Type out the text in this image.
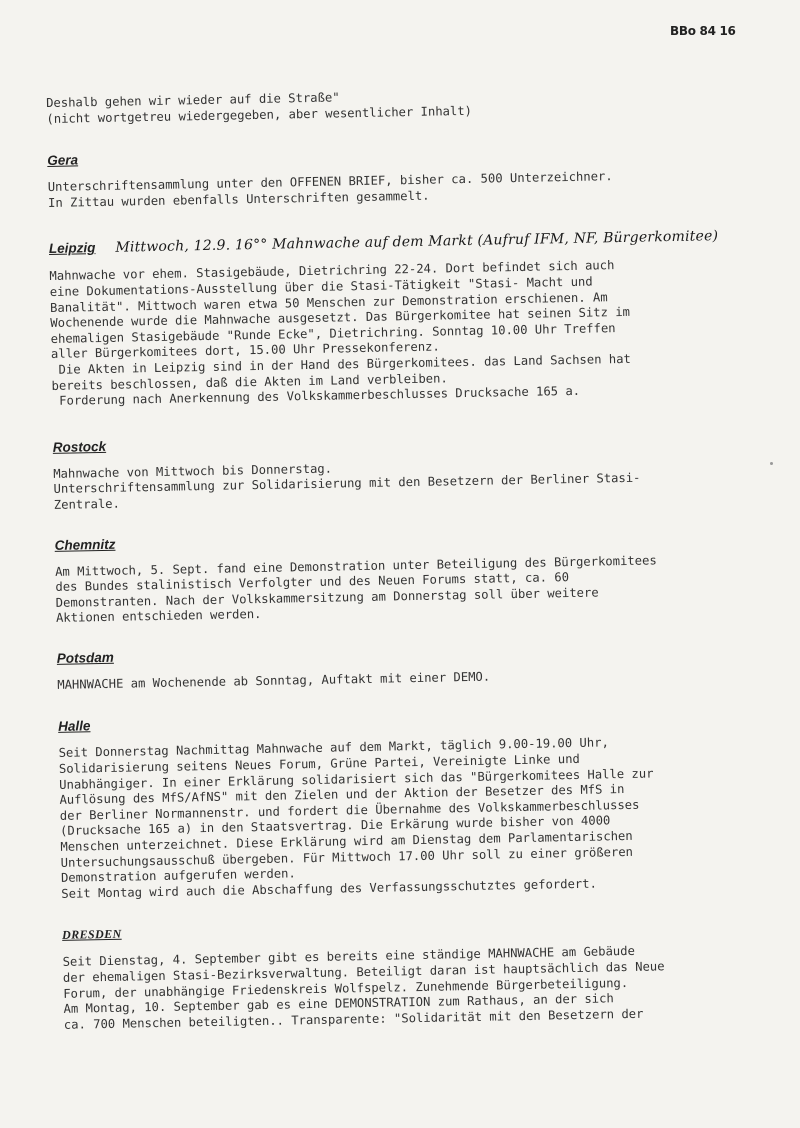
BBo 84 16

Deshalb gehen wir wieder auf die Straße"
(nicht wortgetreu wiedergegeben, aber wesentlicher Inhalt)

Gera

Unterschriftensammlung unter den OFFENEN BRIEF, bisher ca. 500 Unterzeichner.
In Zittau wurden ebenfalls Unterschriften gesammelt.

Leipzig Mittwoch, 12.9. 16°° Mahnwache auf dem Markt (Aufruf IFM, NF, Bürgerkomitee)

Mahnwache vor ehem. Stasigebäude, Dietrichring 22-24. Dort befindet sich auch
eine Dokumentations-Ausstellung über die Stasi-Tätigkeit "Stasi- Macht und
Banalität". Mittwoch waren etwa 50 Menschen zur Demonstration erschienen. Am
Wochenende wurde die Mahnwache ausgesetzt. Das Bürgerkomitee hat seinen Sitz im
ehemaligen Stasigebäude "Runde Ecke", Dietrichring. Sonntag 10.00 Uhr Treffen
aller Bürgerkomitees dort, 15.00 Uhr Pressekonferenz.
Die Akten in Leipzig sind in der Hand des Bürgerkomitees. das Land Sachsen hat
bereits beschlossen, daß die Akten im Land verbleiben.
Forderung nach Anerkennung des Volkskammerbeschlusses Drucksache 165 a.

Rostock

Mahnwache von Mittwoch bis Donnerstag.
Unterschriftensammlung zur Solidarisierung mit den Besetzern der Berliner Stasi-
Zentrale.

Chemnitz

Am Mittwoch, 5. Sept. fand eine Demonstration unter Beteiligung des Bürgerkomitees
des Bundes stalinistisch Verfolgter und des Neuen Forums statt, ca. 60
Demonstranten. Nach der Volkskammersitzung am Donnerstag soll über weitere
Aktionen entschieden werden.

Potsdam

MAHNWACHE am Wochenende ab Sonntag, Auftakt mit einer DEMO.

Halle

Seit Donnerstag Nachmittag Mahnwache auf dem Markt, täglich 9.00-19.00 Uhr,
Solidarisierung seitens Neues Forum, Grüne Partei, Vereinigte Linke und
Unabhängiger. In einer Erklärung solidarisiert sich das "Bürgerkomitees Halle zur
Auflösung des MfS/AfNS" mit den Zielen und der Aktion der Besetzer des MfS in
der Berliner Normannenstr. und fordert die Übernahme des Volkskammerbeschlusses
(Drucksache 165 a) in den Staatsvertrag. Die Erkärung wurde bisher von 4000
Menschen unterzeichnet. Diese Erklärung wird am Dienstag dem Parlamentarischen
Untersuchungsausschuß übergeben. Für Mittwoch 17.00 Uhr soll zu einer größeren
Demonstration aufgerufen werden.
Seit Montag wird auch die Abschaffung des Verfassungsschutztes gefordert.

DRESDEN

Seit Dienstag, 4. September gibt es bereits eine ständige MAHNWACHE am Gebäude
der ehemaligen Stasi-Bezirksverwaltung. Beteiligt daran ist hauptsächlich das Neue
Forum, der unabhängige Friedenskreis Wolfspelz. Zunehmende Bürgerbeteiligung.
Am Montag, 10. September gab es eine DEMONSTRATION zum Rathaus, an der sich
ca. 700 Menschen beteiligten.. Transparente: "Solidarität mit den Besetzern der
